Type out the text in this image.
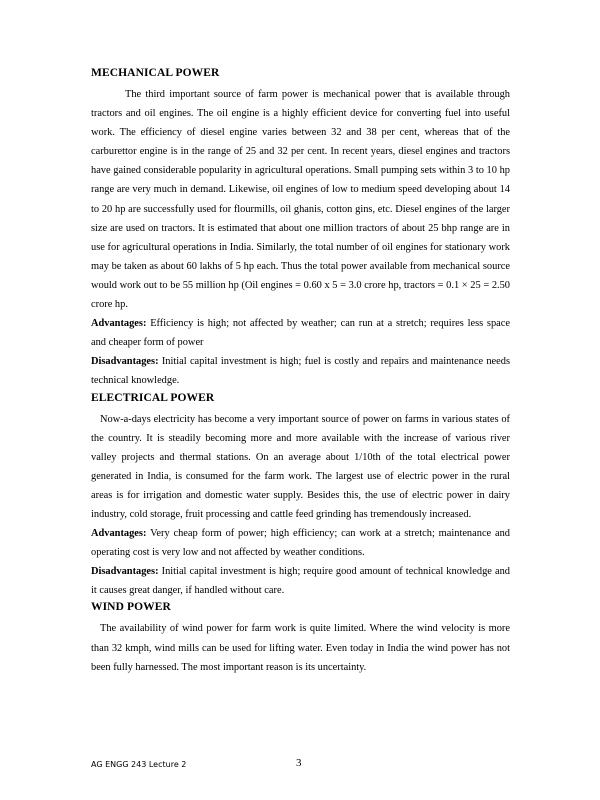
MECHANICAL POWER

The third important source of farm power is mechanical power that is available through tractors and oil engines. The oil engine is a highly efficient device for converting fuel into useful work. The efficiency of diesel engine varies between 32 and 38 per cent, whereas that of the carburettor engine is in the range of 25 and 32 per cent. In recent years, diesel engines and tractors have gained considerable popularity in agricultural operations. Small pumping sets within 3 to 10 hp range are very much in demand. Likewise, oil engines of low to medium speed developing about 14 to 20 hp are successfully used for flourmills, oil ghanis, cotton gins, etc. Diesel engines of the larger size are used on tractors. It is estimated that about one million tractors of about 25 bhp range are in use for agricultural operations in India. Similarly, the total number of oil engines for stationary work may be taken as about 60 lakhs of 5 hp each. Thus the total power available from mechanical source would work out to be 55 million hp (Oil engines = 0.60 x 5 = 3.0 crore hp, tractors = 0.1 × 25 = 2.50 crore hp.

Advantages: Efficiency is high; not affected by weather; can run at a stretch; requires less space and cheaper form of power

Disadvantages: Initial capital investment is high; fuel is costly and repairs and maintenance needs technical knowledge.

ELECTRICAL POWER

Now-a-days electricity has become a very important source of power on farms in various states of the country. It is steadily becoming more and more available with the increase of various river valley projects and thermal stations. On an average about 1/10th of the total electrical power generated in India, is consumed for the farm work. The largest use of electric power in the rural areas is for irrigation and domestic water supply. Besides this, the use of electric power in dairy industry, cold storage, fruit processing and cattle feed grinding has tremendously increased.

Advantages: Very cheap form of power; high efficiency; can work at a stretch; maintenance and operating cost is very low and not affected by weather conditions.

Disadvantages: Initial capital investment is high; require good amount of technical knowledge and it causes great danger, if handled without care.

WIND POWER

The availability of wind power for farm work is quite limited. Where the wind velocity is more than 32 kmph, wind mills can be used for lifting water. Even today in India the wind power has not been fully harnessed. The most important reason is its uncertainty.

AG ENGG 243 Lecture 2	3
